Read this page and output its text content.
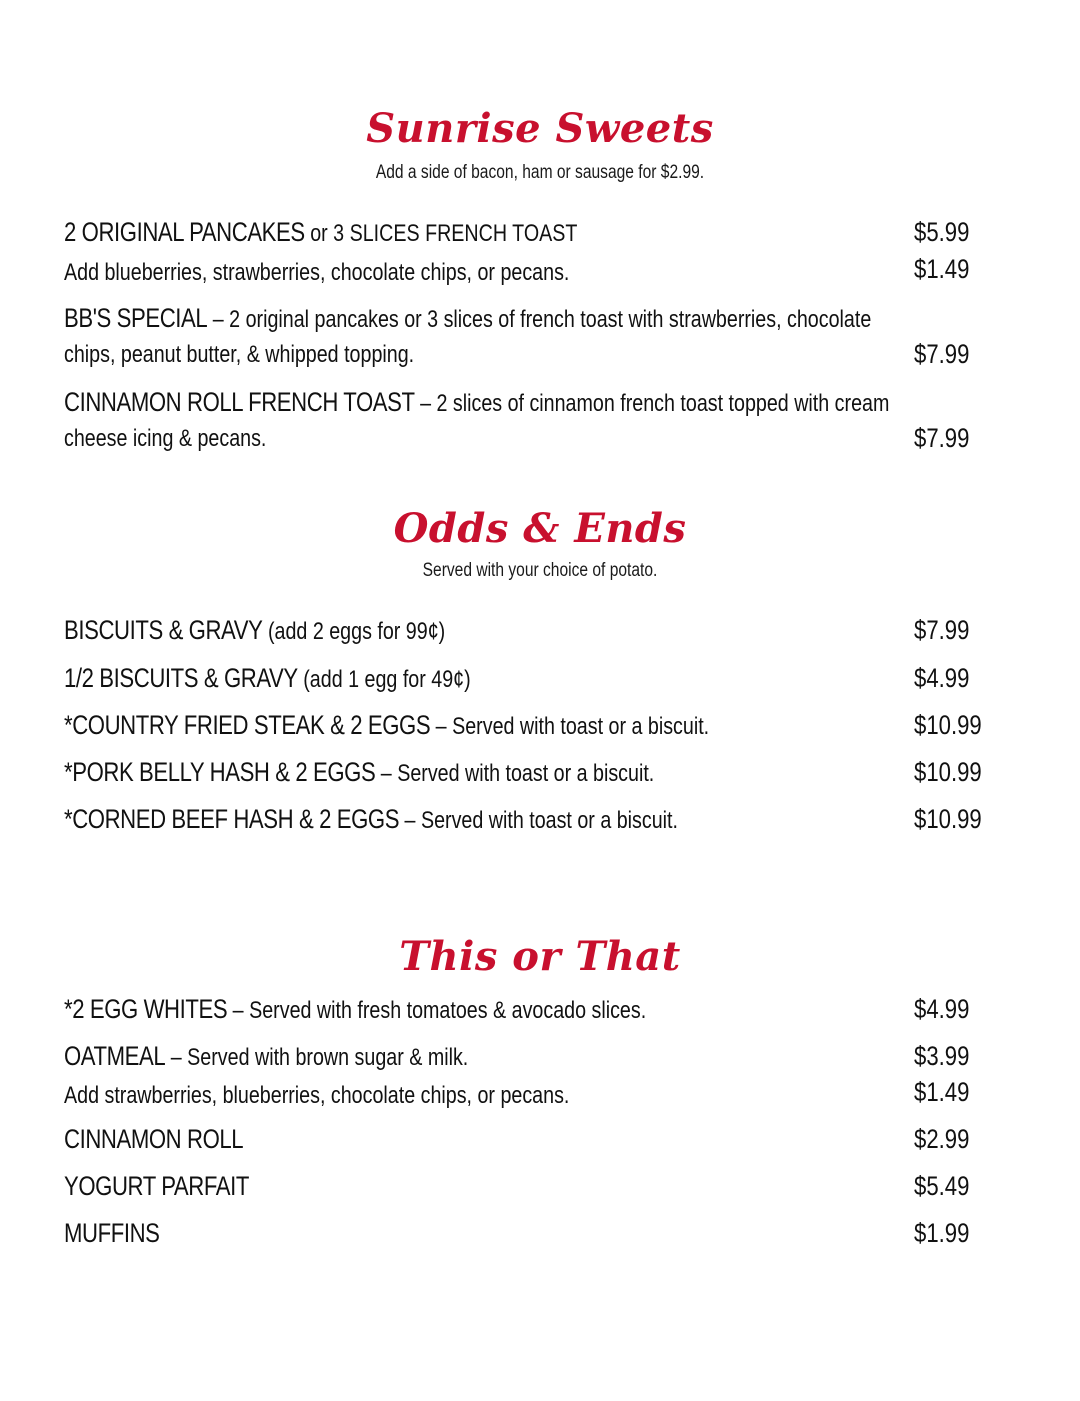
Sunrise Sweets
Add a side of bacon, ham or sausage for $2.99.
2 ORIGINAL PANCAKES or 3 SLICES FRENCH TOAST	$5.99
Add blueberries, strawberries, chocolate chips, or pecans.	$1.49
BB'S SPECIAL – 2 original pancakes or 3 slices of french toast with strawberries, chocolate
chips, peanut butter, & whipped topping.	$7.99
CINNAMON ROLL FRENCH TOAST – 2 slices of cinnamon french toast topped with cream
cheese icing & pecans.	$7.99
Odds & Ends
Served with your choice of potato.
BISCUITS & GRAVY (add 2 eggs for 99¢)	$7.99
1/2 BISCUITS & GRAVY (add 1 egg for 49¢)	$4.99
*COUNTRY FRIED STEAK & 2 EGGS – Served with toast or a biscuit.	$10.99
*PORK BELLY HASH & 2 EGGS – Served with toast or a biscuit.	$10.99
*CORNED BEEF HASH & 2 EGGS – Served with toast or a biscuit.	$10.99
This or That
*2 EGG WHITES – Served with fresh tomatoes & avocado slices.	$4.99
OATMEAL – Served with brown sugar & milk.	$3.99
Add strawberries, blueberries, chocolate chips, or pecans.	$1.49
CINNAMON ROLL	$2.99
YOGURT PARFAIT	$5.49
MUFFINS	$1.99
